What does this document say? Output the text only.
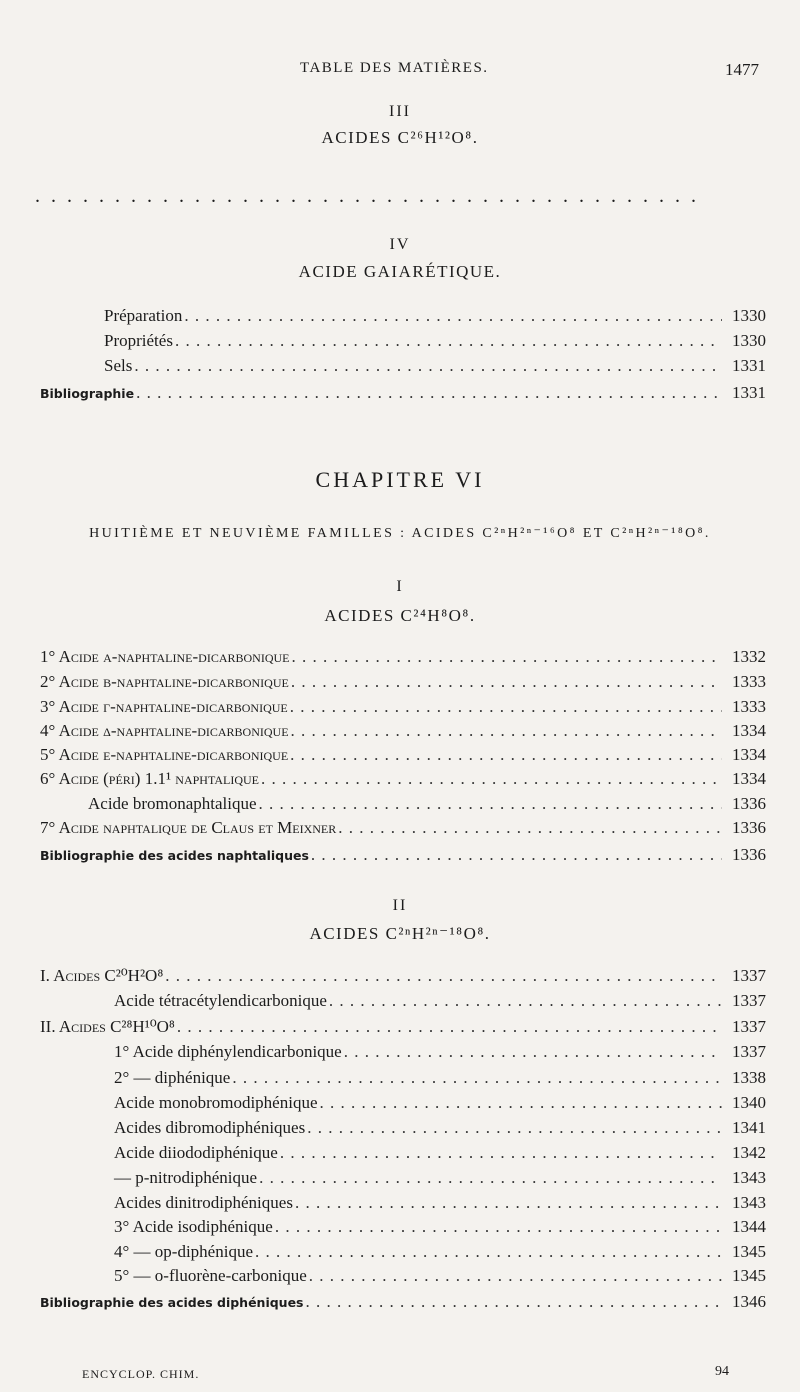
TABLE DES MATIÈRES.	1477
III
ACIDES C²⁶H¹²O⁸.
. . . . . . . . . . . . . . . . . . . . . . . . . . . . . . . . . . . . . . . . . .
IV
ACIDE GAIARÉTIQUE.
Préparation . . .	1330
Propriétés . . .	1330
Sels . . .	1331
Bibliographie . . .	1331
CHAPITRE VI
HUITIÈME ET NEUVIÈME FAMILLES : ACIDES C²ⁿH²ⁿ⁻¹⁶O⁸ ET C²ⁿH²ⁿ⁻¹⁸O⁸.
I
ACIDES C²⁴H⁸O⁸.
1° Acide α-naphtaline-dicarbonique . . .	1332
2° Acide β-naphtaline-dicarbonique . . .	1333
3° Acide γ-naphtaline-dicarbonique . . .	1333
4° Acide δ-naphtaline-dicarbonique . . .	1334
5° Acide ε-naphtaline-dicarbonique . . .	1334
6° Acide (péri) 1.1¹ naphtalique . . .	1334
Acide bromonaphtalique . . .	1336
7° Acide naphtalique de Claus et Meixner . . .	1336
Bibliographie des acides naphtaliques . . .	1336
II
ACIDES C²ⁿH²ⁿ⁻¹⁸O⁸.
I. Acides C²⁰H²O⁸ . . .	1337
Acide tétracétylendicarbonique . . .	1337
II. Acides C²⁸H¹⁰O⁸ . . .	1337
1° Acide diphénylendicarbonique . . .	1337
2° — diphénique . . .	1338
Acide monobromodiphénique . . .	1340
Acides dibromodiphéniques . . .	1341
Acide diiododiphénique . . .	1342
— p-nitrodiphénique . . .	1343
Acides dinitrodiphéniques . . .	1343
3° Acide isodiphénique . . .	1344
4° — op-diphénique . . .	1345
5° — o-fluorène-carbonique . . .	1345
Bibliographie des acides diphéniques . . .	1346
ENCYCLOP. CHIM.	94
